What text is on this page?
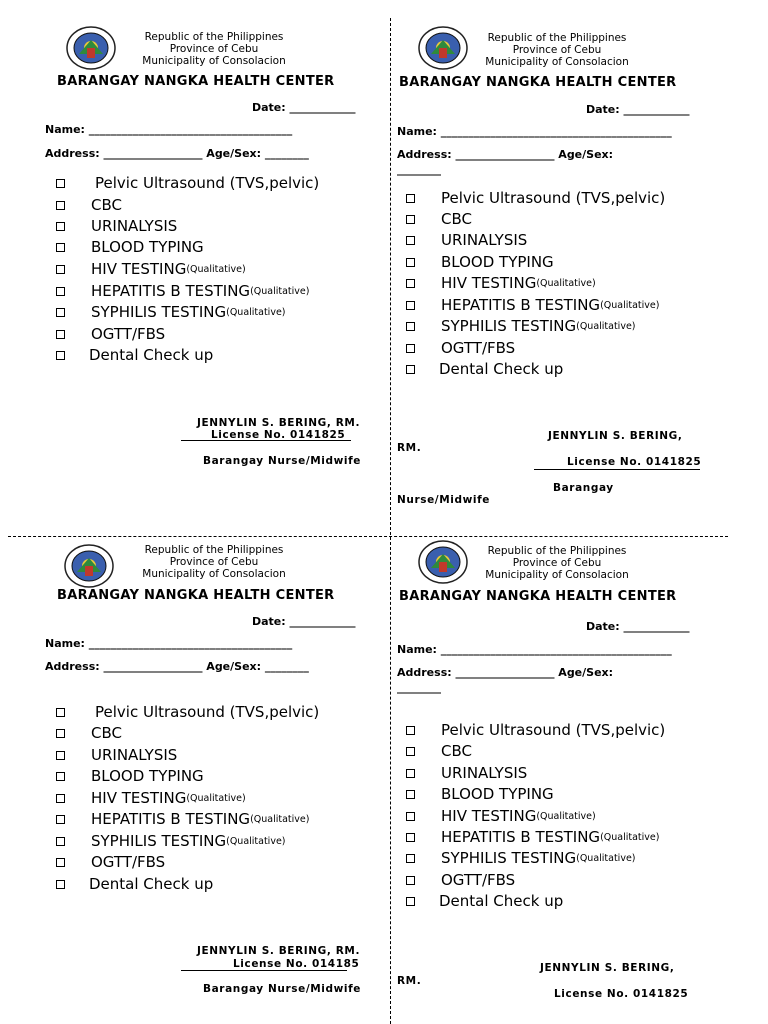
Republic of the Philippines
Province of Cebu
Municipality of Consolacion
BARANGAY NANGKA HEALTH CENTER
Date: ____________
Name: _____________________________________
Address: __________________ Age/Sex: ________
Pelvic Ultrasound (TVS,pelvic)
CBC
URINALYSIS
BLOOD TYPING
HIV TESTING (Qualitative)
HEPATITIS B TESTING (Qualitative)
SYPHILIS TESTING (Qualitative)
OGTT/FBS
Dental Check up
JENNYLIN S. BERING, RM.
License No. 0141825
Barangay Nurse/Midwife
Republic of the Philippines
Province of Cebu
Municipality of Consolacion
BARANGAY NANGKA HEALTH CENTER
Date: ____________
Name: __________________________________________
Address: __________________ Age/Sex:
________
Pelvic Ultrasound (TVS,pelvic)
CBC
URINALYSIS
BLOOD TYPING
HIV TESTING (Qualitative)
HEPATITIS B TESTING (Qualitative)
SYPHILIS TESTING (Qualitative)
OGTT/FBS
Dental Check up
JENNYLIN S. BERING,
RM.
License No. 0141825
Barangay
Nurse/Midwife
Republic of the Philippines
Province of Cebu
Municipality of Consolacion
BARANGAY NANGKA HEALTH CENTER
Date: ____________
Name: _____________________________________
Address: __________________ Age/Sex: ________
Pelvic Ultrasound (TVS,pelvic)
CBC
URINALYSIS
BLOOD TYPING
HIV TESTING (Qualitative)
HEPATITIS B TESTING (Qualitative)
SYPHILIS TESTING (Qualitative)
OGTT/FBS
Dental Check up
JENNYLIN S. BERING, RM.
License No. 014185
Barangay Nurse/Midwife
Republic of the Philippines
Province of Cebu
Municipality of Consolacion
BARANGAY NANGKA HEALTH CENTER
Date: ____________
Name: __________________________________________
Address: __________________ Age/Sex:
________
Pelvic Ultrasound (TVS,pelvic)
CBC
URINALYSIS
BLOOD TYPING
HIV TESTING (Qualitative)
HEPATITIS B TESTING (Qualitative)
SYPHILIS TESTING (Qualitative)
OGTT/FBS
Dental Check up
JENNYLIN S. BERING,
RM.
License No. 0141825
